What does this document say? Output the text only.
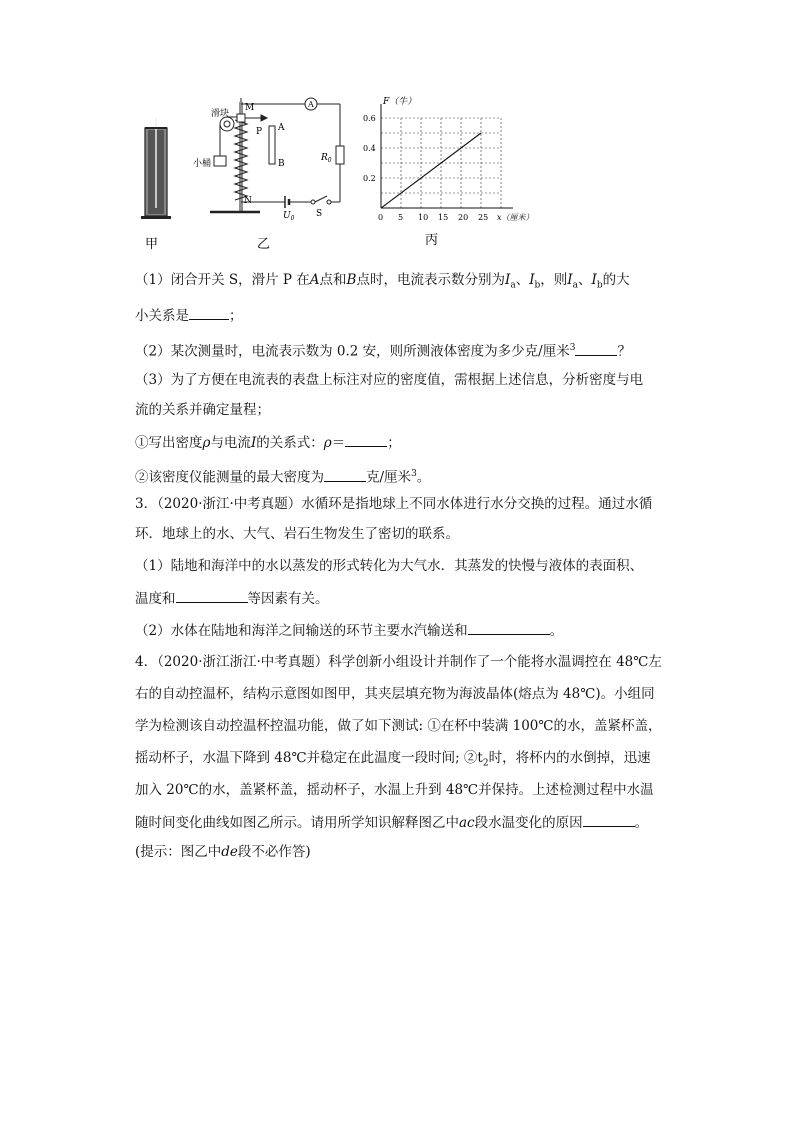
甲
滑块
小桶
M
P A
B
N
A
$R_0$
$U_0$ S
乙
0 5 10 15 20 25
0.2
0.4
0.6
F（牛）
x（厘米）
丙
（1）闭合开关 S，滑片 P 在A点和B点时，电流表示数分别为$I_a$、$I_b$，则$I_a$、$I_b$的大
小关系是	；
（2）某次测量时，电流表示数为 0.2 安，则所测液体密度为多少克/厘米$^3$	？
（3）为了方便在电流表的表盘上标注对应的密度值，需根据上述信息，分析密度与电
流的关系并确定量程；
①写出密度ρ与电流I的关系式：ρ＝	；
②该密度仪能测量的最大密度为	克/厘米$^3$。
3．（2020·浙江·中考真题）水循环是指地球上不同水体进行水分交换的过程。通过水循
环．地球上的水、大气、岩石生物发生了密切的联系。
（1）陆地和海洋中的水以蒸发的形式转化为大气水．其蒸发的快慢与液体的表面积、
温度和	等因素有关。
（2）水体在陆地和海洋之间输送的环节主要水汽输送和	。
4．（2020·浙江浙江·中考真题）科学创新小组设计并制作了一个能将水温调控在 48℃左
右的自动控温杯，结构示意图如图甲，其夹层填充物为海波晶体(熔点为 48℃)。小组同
学为检测该自动控温杯控温功能，做了如下测试: ①在杯中装满 100℃的水，盖紧杯盖，
摇动杯子，水温下降到 48℃并稳定在此温度一段时间; $②t_2$时，将杯内的水倒掉，迅速
加入 20℃的水，盖紧杯盖，摇动杯子，水温上升到 48℃并保持。上述检测过程中水温
随时间变化曲线如图乙所示。请用所学知识解释图乙中ac段水温变化的原因	。
(提示：图乙中de段不必作答)
